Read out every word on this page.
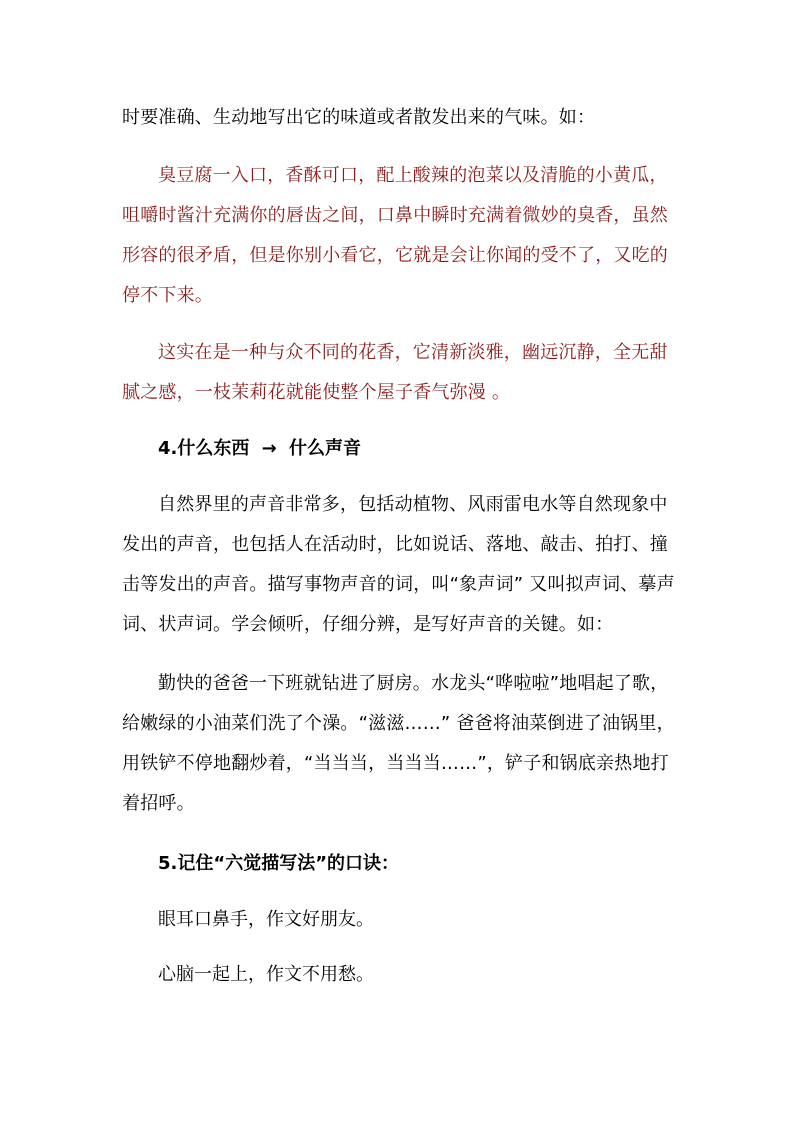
时要准确、生动地写出它的味道或者散发出来的气味。如：

臭豆腐一入口，香酥可口，配上酸辣的泡菜以及清脆的小黄瓜，咀嚼时酱汁充满你的唇齿之间，口鼻中瞬时充满着微妙的臭香，虽然形容的很矛盾，但是你别小看它，它就是会让你闻的受不了，又吃的停不下来。

这实在是一种与众不同的花香，它清新淡雅，幽远沉静，全无甜腻之感，一枝茉莉花就能使整个屋子香气弥漫 。

4.什么东西 → 什么声音

自然界里的声音非常多，包括动植物、风雨雷电水等自然现象中发出的声音，也包括人在活动时，比如说话、落地、敲击、拍打、撞击等发出的声音。描写事物声音的词，叫“象声词” 又叫拟声词、摹声词、状声词。学会倾听，仔细分辨，是写好声音的关键。如：

勤快的爸爸一下班就钻进了厨房。水龙头“哗啦啦”地唱起了歌，给嫩绿的小油菜们洗了个澡。“滋滋……” 爸爸将油菜倒进了油锅里，用铁铲不停地翻炒着，“当当当，当当当……”，铲子和锅底亲热地打着招呼。

5.记住“六觉描写法”的口诀：

眼耳口鼻手，作文好朋友。

心脑一起上，作文不用愁。
